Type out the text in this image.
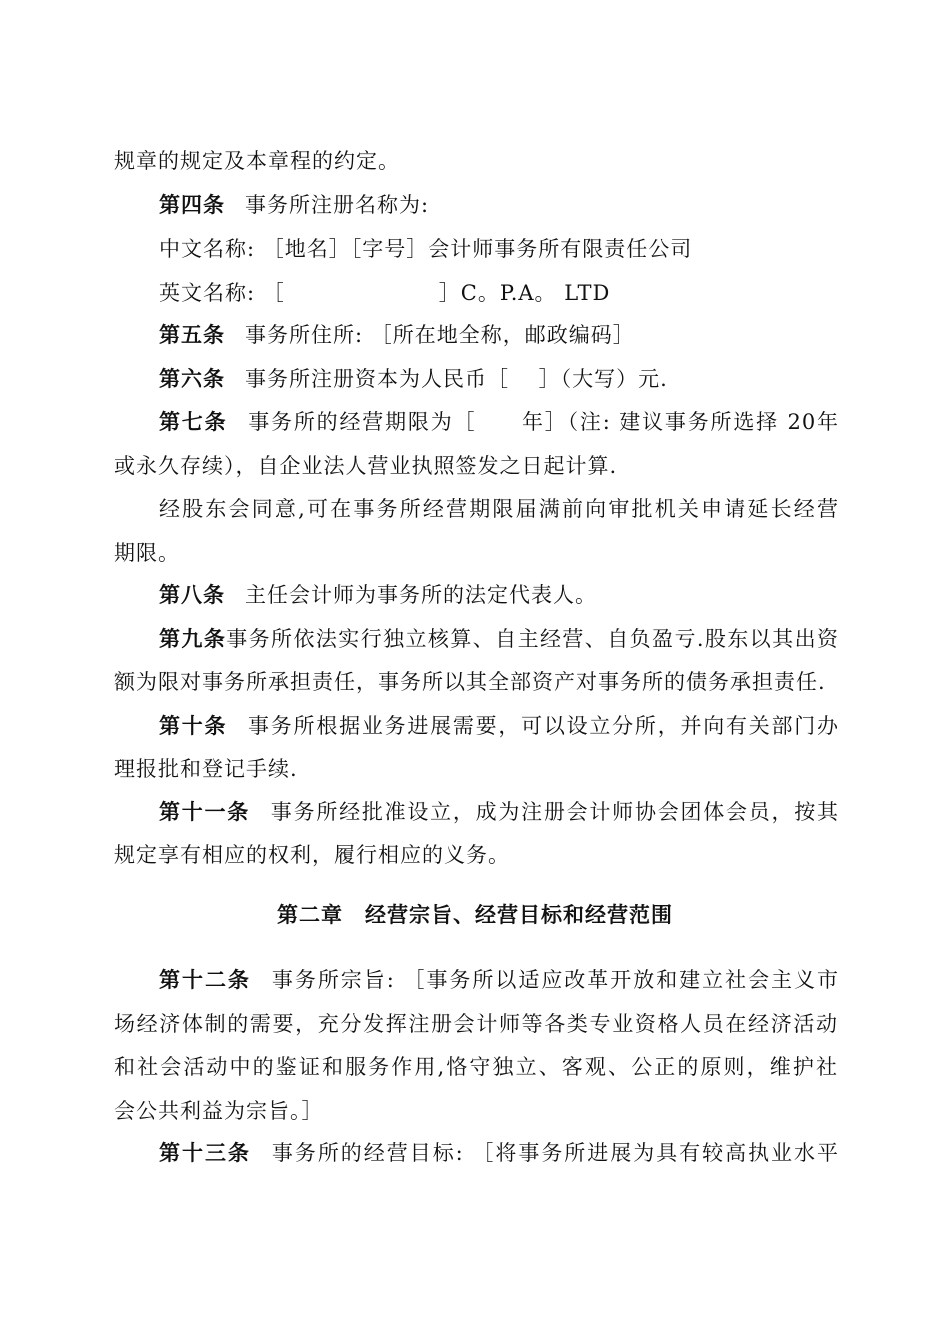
规章的规定及本章程的约定。
第四条 事务所注册名称为:
中文名称: ［地名］［字号］会计师事务所有限责任公司
英文名称: ［　　　　　　　］C。P.A。 LTD
第五条 事务所住所: ［所在地全称，邮政编码］
第六条 事务所注册资本为人民币［　 ］（大写）元.
第七条 事务所的经营期限为［　　年］（注: 建议事务所选择 20年
或永久存续），自企业法人营业执照签发之日起计算.
经股东会同意,可在事务所经营期限届满前向审批机关申请延长经营
期限。
第八条 主任会计师为事务所的法定代表人。
第九条事务所依法实行独立核算、自主经营、自负盈亏.股东以其出资
额为限对事务所承担责任，事务所以其全部资产对事务所的债务承担责任.
第十条 事务所根据业务进展需要，可以设立分所，并向有关部门办
理报批和登记手续.
第十一条 事务所经批准设立，成为注册会计师协会团体会员，按其
规定享有相应的权利，履行相应的义务。
第二章　经营宗旨、经营目标和经营范围
第十二条 事务所宗旨: ［事务所以适应改革开放和建立社会主义市
场经济体制的需要，充分发挥注册会计师等各类专业资格人员在经济活动
和社会活动中的鉴证和服务作用,恪守独立、客观、公正的原则，维护社
会公共利益为宗旨。］
第十三条 事务所的经营目标: ［将事务所进展为具有较高执业水平
